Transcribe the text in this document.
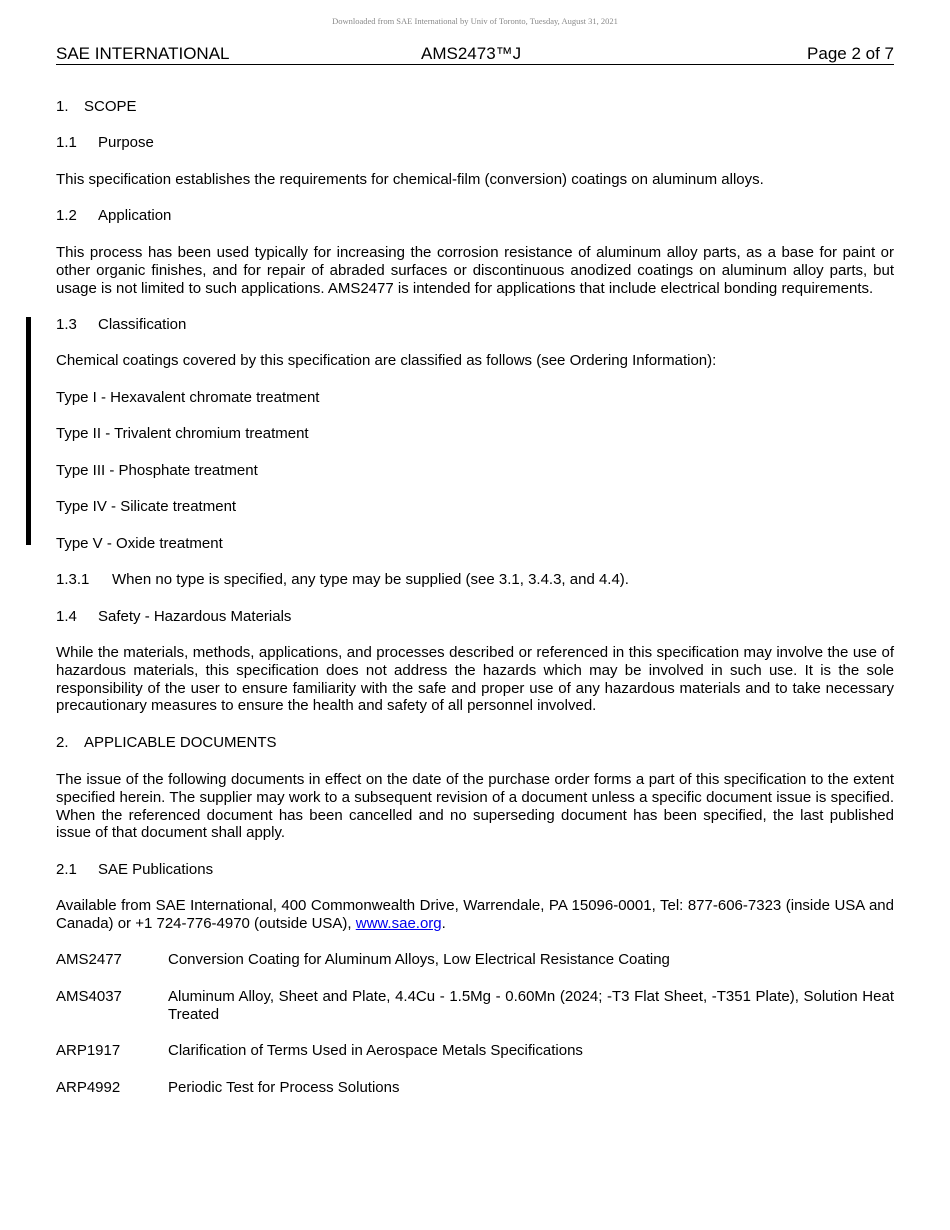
Downloaded from SAE International by Univ of Toronto, Tuesday, August 31, 2021
SAE INTERNATIONAL	AMS2473™J	Page 2 of 7
1. SCOPE
1.1 Purpose
This specification establishes the requirements for chemical-film (conversion) coatings on aluminum alloys.
1.2 Application
This process has been used typically for increasing the corrosion resistance of aluminum alloy parts, as a base for paint or other organic finishes, and for repair of abraded surfaces or discontinuous anodized coatings on aluminum alloy parts, but usage is not limited to such applications. AMS2477 is intended for applications that include electrical bonding requirements.
1.3 Classification
Chemical coatings covered by this specification are classified as follows (see Ordering Information):
Type I - Hexavalent chromate treatment
Type II - Trivalent chromium treatment
Type III - Phosphate treatment
Type IV - Silicate treatment
Type V - Oxide treatment
1.3.1 When no type is specified, any type may be supplied (see 3.1, 3.4.3, and 4.4).
1.4 Safety - Hazardous Materials
While the materials, methods, applications, and processes described or referenced in this specification may involve the use of hazardous materials, this specification does not address the hazards which may be involved in such use. It is the sole responsibility of the user to ensure familiarity with the safe and proper use of any hazardous materials and to take necessary precautionary measures to ensure the health and safety of all personnel involved.
2. APPLICABLE DOCUMENTS
The issue of the following documents in effect on the date of the purchase order forms a part of this specification to the extent specified herein. The supplier may work to a subsequent revision of a document unless a specific document issue is specified. When the referenced document has been cancelled and no superseding document has been specified, the last published issue of that document shall apply.
2.1 SAE Publications
Available from SAE International, 400 Commonwealth Drive, Warrendale, PA 15096-0001, Tel: 877-606-7323 (inside USA and Canada) or +1 724-776-4970 (outside USA), www.sae.org.
AMS2477	Conversion Coating for Aluminum Alloys, Low Electrical Resistance Coating
AMS4037	Aluminum Alloy, Sheet and Plate, 4.4Cu - 1.5Mg - 0.60Mn (2024; -T3 Flat Sheet, -T351 Plate), Solution Heat Treated
ARP1917	Clarification of Terms Used in Aerospace Metals Specifications
ARP4992	Periodic Test for Process Solutions
